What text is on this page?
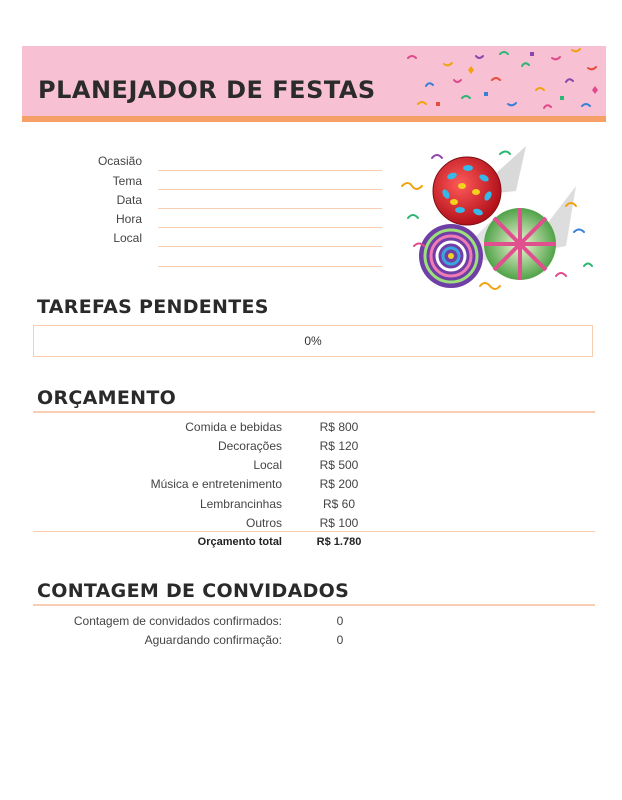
PLANEJADOR DE FESTAS
Ocasião
Tema
Data
Hora
Local
TAREFAS PENDENTES
0%
ORÇAMENTO
Comida e bebidas	R$ 800
Decorações	R$ 120
Local	R$ 500
Música e entretenimento	R$ 200
Lembrancinhas	R$ 60
Outros	R$ 100
Orçamento total	R$ 1.780
CONTAGEM DE CONVIDADOS
Contagem de convidados confirmados:	0
Aguardando confirmação:	0
